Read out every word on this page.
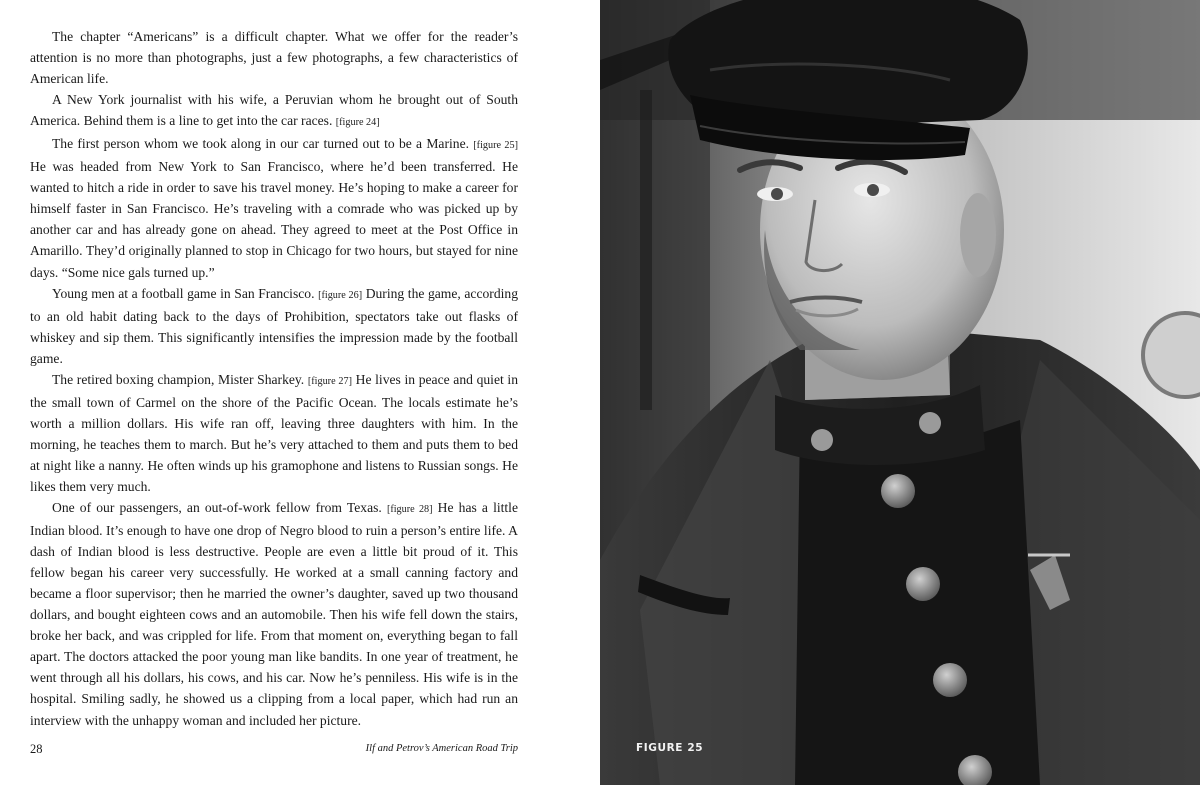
The chapter “Americans” is a difficult chapter. What we offer for the reader’s attention is no more than photographs, just a few photographs, a few characteristics of American life.

A New York journalist with his wife, a Peruvian whom he brought out of South America. Behind them is a line to get into the car races. [figure 24]

The first person whom we took along in our car turned out to be a Marine. [figure 25] He was headed from New York to San Francisco, where he’d been transferred. He wanted to hitch a ride in order to save his travel money. He’s hoping to make a career for himself faster in San Francisco. He’s traveling with a comrade who was picked up by another car and has already gone on ahead. They agreed to meet at the Post Office in Amarillo. They’d originally planned to stop in Chicago for two hours, but stayed for nine days. “Some nice gals turned up.”

Young men at a football game in San Francisco. [figure 26] During the game, according to an old habit dating back to the days of Prohibition, spectators take out flasks of whiskey and sip them. This significantly intensifies the impression made by the football game.

The retired boxing champion, Mister Sharkey. [figure 27] He lives in peace and quiet in the small town of Carmel on the shore of the Pacific Ocean. The locals estimate he’s worth a million dollars. His wife ran off, leaving three daughters with him. In the morning, he teaches them to march. But he’s very attached to them and puts them to bed at night like a nanny. He often winds up his gramophone and listens to Russian songs. He likes them very much.

One of our passengers, an out-of-work fellow from Texas. [figure 28] He has a little Indian blood. It’s enough to have one drop of Negro blood to ruin a person’s entire life. A dash of Indian blood is less destructive. People are even a little bit proud of it. This fellow began his career very successfully. He worked at a small canning factory and became a floor supervisor; then he married the owner’s daughter, saved up two thousand dollars, and bought eighteen cows and an automobile. Then his wife fell down the stairs, broke her back, and was crippled for life. From that moment on, everything began to fall apart. The doctors attacked the poor young man like bandits. In one year of treatment, he went through all his dollars, his cows, and his car. Now he’s penniless. His wife is in the hospital. Smiling sadly, he showed us a clipping from a local paper, which had run an interview with the unhappy woman and included her picture.

28	Ilf and Petrov’s American Road Trip	FIGURE 25
